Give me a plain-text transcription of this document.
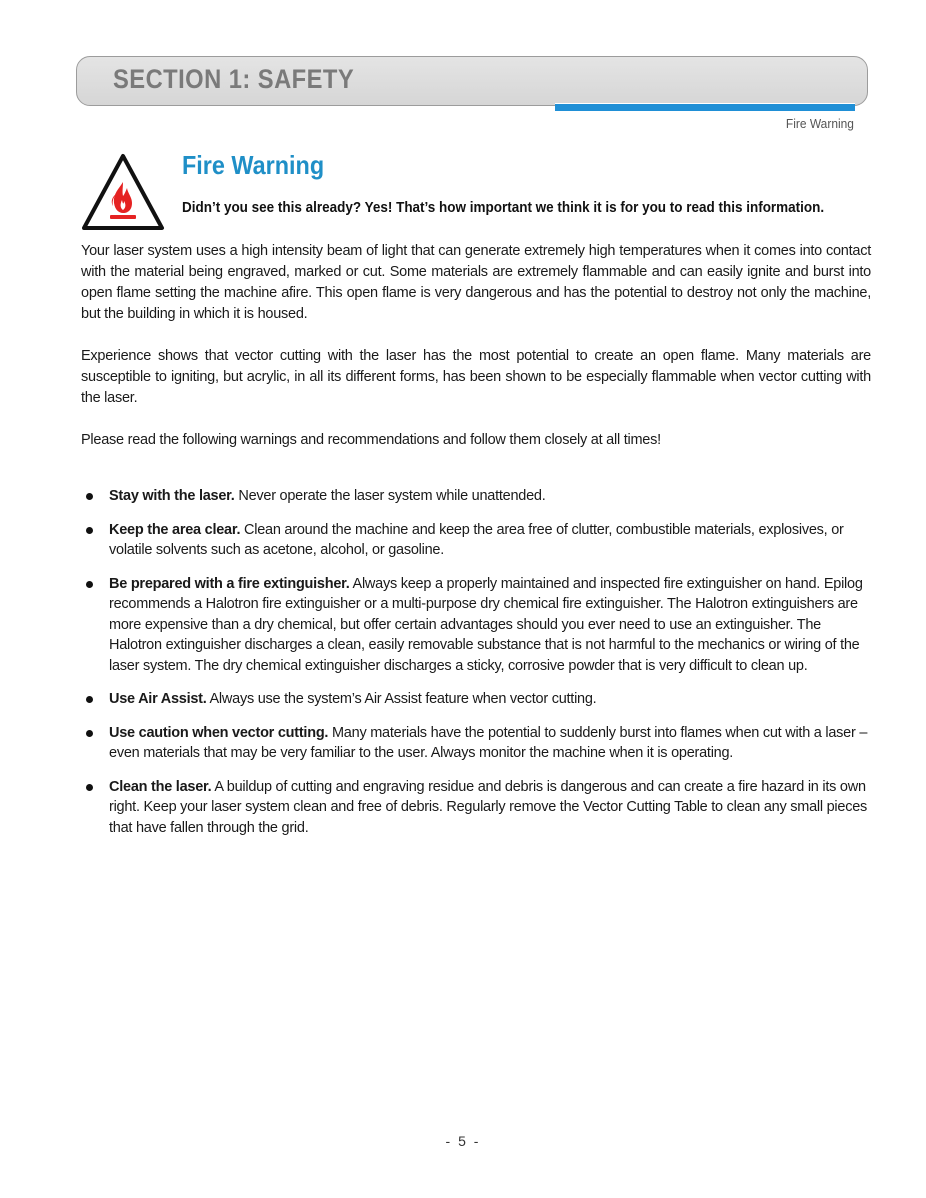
SECTION 1: SAFETY
Fire Warning
Fire Warning
Didn’t you see this already? Yes! That’s how important we think it is for you to read this information.

Your laser system uses a high intensity beam of light that can generate extremely high temperatures when it comes into contact with the material being engraved, marked or cut. Some materials are extremely flammable and can easily ignite and burst into open flame setting the machine afire. This open flame is very dangerous and has the potential to destroy not only the machine, but the building in which it is housed.

Experience shows that vector cutting with the laser has the most potential to create an open flame. Many materials are susceptible to igniting, but acrylic, in all its different forms, has been shown to be especially flammable when vector cutting with the laser.

Please read the following warnings and recommendations and follow them closely at all times!

Stay with the laser. Never operate the laser system while unattended.
Keep the area clear. Clean around the machine and keep the area free of clutter, combustible materials, explosives, or volatile solvents such as acetone, alcohol, or gasoline.
Be prepared with a fire extinguisher. Always keep a properly maintained and inspected fire extinguisher on hand. Epilog recommends a Halotron fire extinguisher or a multi-purpose dry chemical fire extinguisher. The Halotron extinguishers are more expensive than a dry chemical, but offer certain advantages should you ever need to use an extinguisher. The Halotron extinguisher discharges a clean, easily removable substance that is not harmful to the mechanics or wiring of the laser system. The dry chemical extinguisher discharges a sticky, corrosive powder that is very difficult to clean up.
Use Air Assist. Always use the system’s Air Assist feature when vector cutting.
Use caution when vector cutting. Many materials have the potential to suddenly burst into flames when cut with a laser – even materials that may be very familiar to the user. Always monitor the machine when it is operating.
Clean the laser. A buildup of cutting and engraving residue and debris is dangerous and can create a fire hazard in its own right. Keep your laser system clean and free of debris. Regularly remove the Vector Cutting Table to clean any small pieces that have fallen through the grid.
- 5 -
